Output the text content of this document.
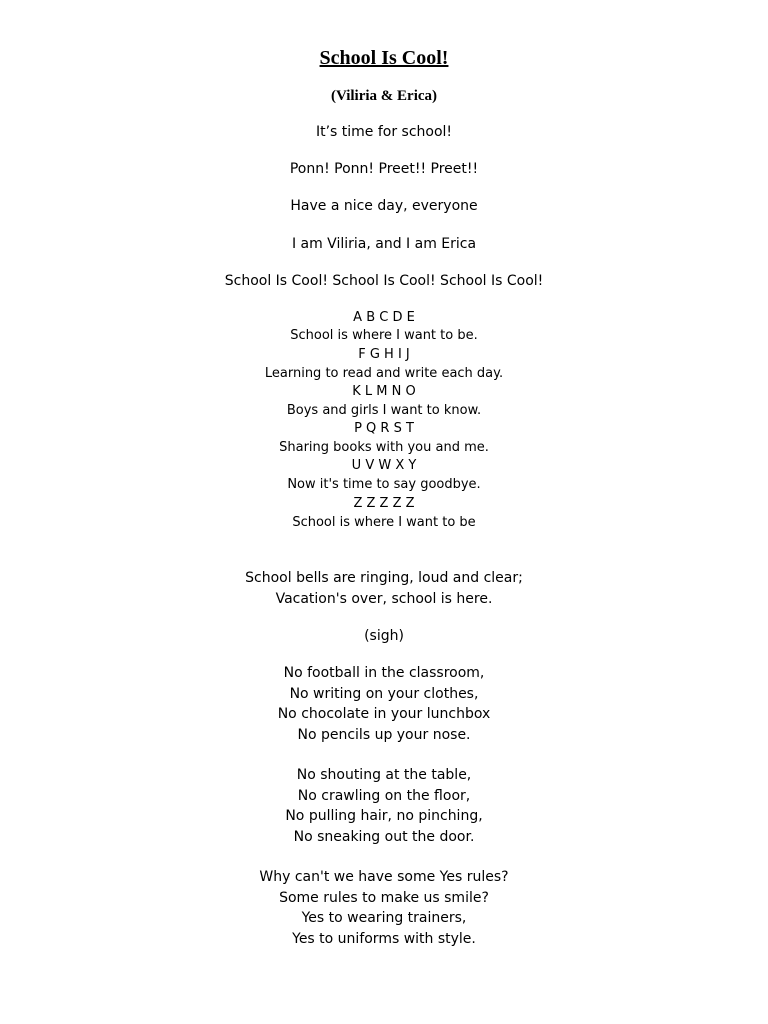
School Is Cool!
(Viliria & Erica)
It’s time for school!
Ponn! Ponn! Preet!! Preet!!
Have a nice day, everyone
I am Viliria, and I am Erica
School Is Cool! School Is Cool! School Is Cool!
A B C D E
School is where I want to be.
F G H I J
Learning to read and write each day.
K L M N O
Boys and girls I want to know.
P Q R S T
Sharing books with you and me.
U V W X Y
Now it's time to say goodbye.
Z Z Z Z Z
School is where I want to be
School bells are ringing, loud and clear;
Vacation's over, school is here.
(sigh)
No football in the classroom,
No writing on your clothes,
No chocolate in your lunchbox
No pencils up your nose.
No shouting at the table,
No crawling on the floor,
No pulling hair, no pinching,
No sneaking out the door.
Why can't we have some Yes rules?
Some rules to make us smile?
Yes to wearing trainers,
Yes to uniforms with style.
